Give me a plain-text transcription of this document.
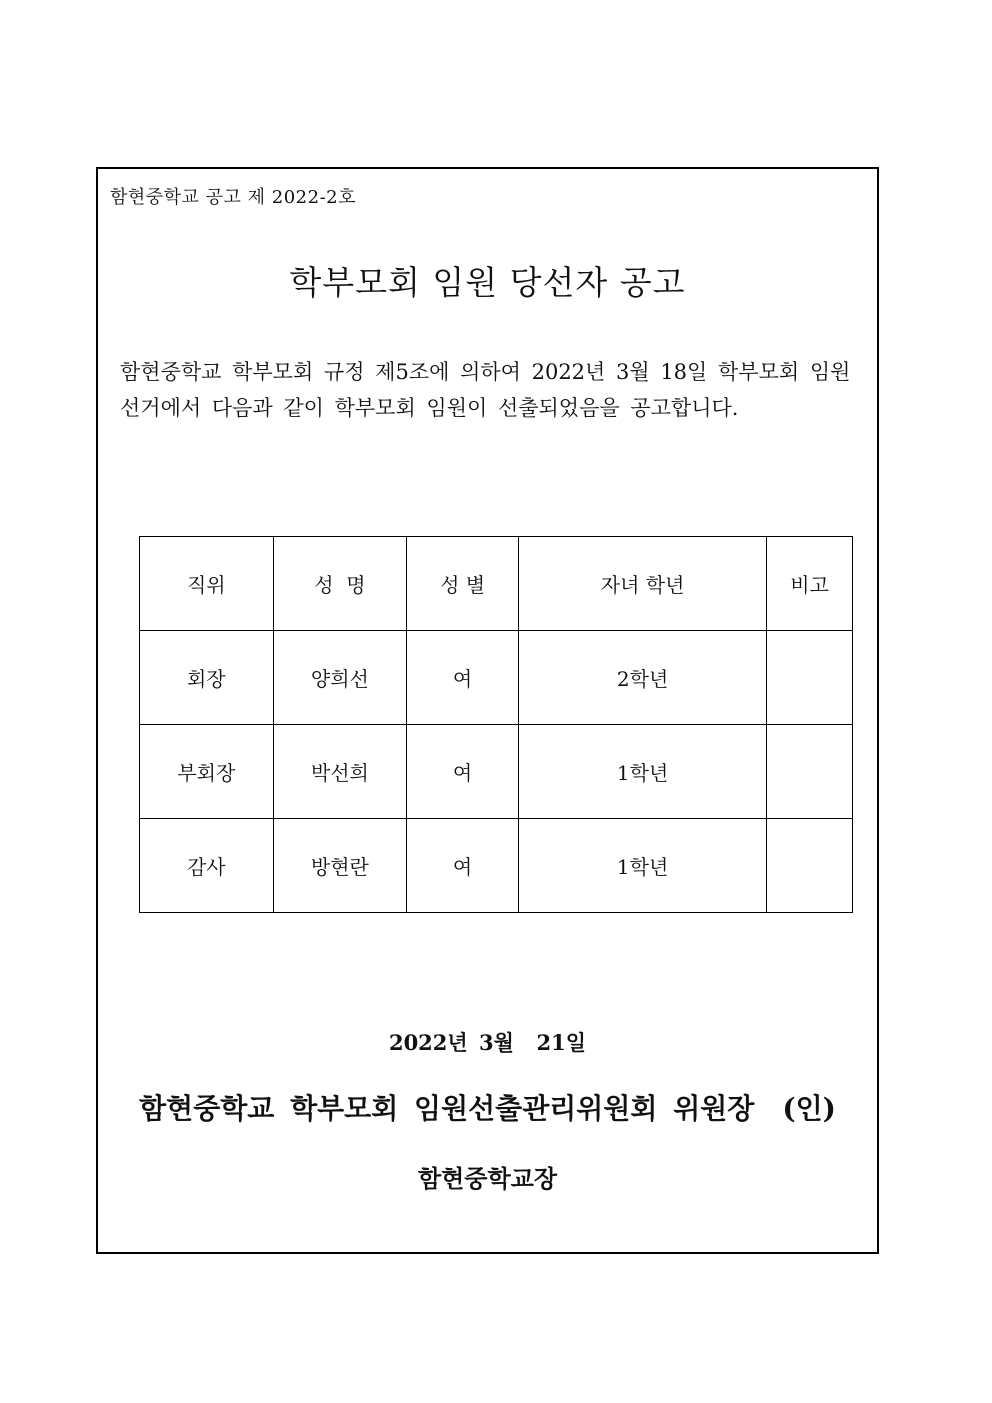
함현중학교 공고 제 2022-2호
학부모회 임원 당선자 공고
함현중학교 학부모회 규정 제5조에 의하여 2022년 3월 18일 학부모회 임원
선거에서 다음과 같이 학부모회 임원이 선출되었음을 공고합니다.
직위	성  명	성 별	자녀 학년	비고
회장	양희선	여	2학년	
부회장	박선희	여	1학년	
감사	방현란	여	1학년	
2022년 3월  21일
함현중학교 학부모회 임원선출관리위원회 위원장 (인)
함현중학교장
